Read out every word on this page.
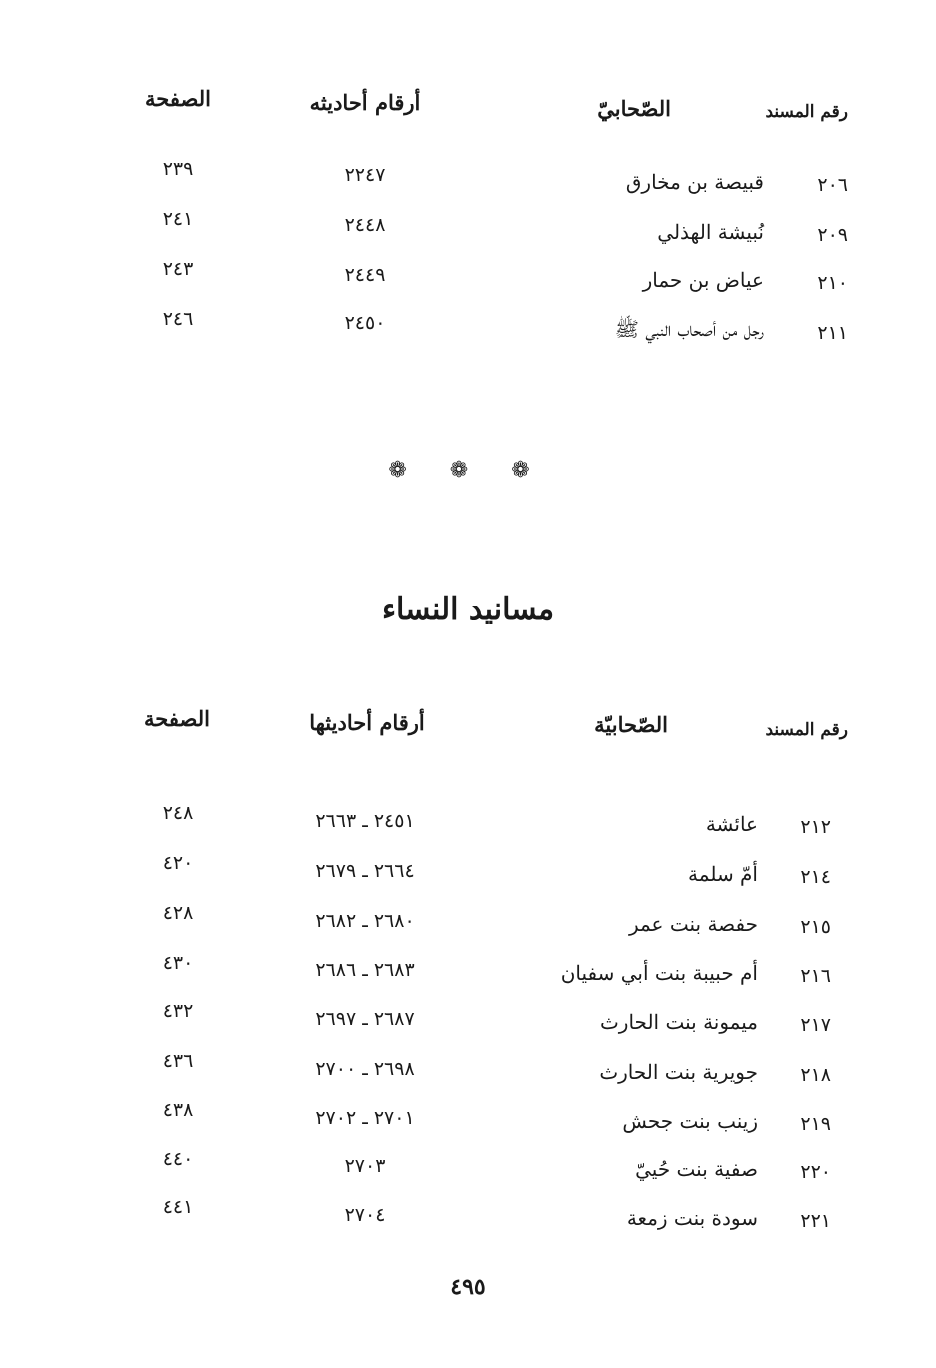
رقم المسند
الصّحابيّ
أرقام أحاديثه
الصفحة
٢٠٦
قبيصة بن مخارق
٢٢٤٧
٢٣٩
٢٠٩
نُبيشة الهذلي
٢٤٤٨
٢٤١
٢١٠
عياض بن حمار
٢٤٤٩
٢٤٣
٢١١
رجل من أصحاب النبي ﷺ
٢٤٥٠
٢٤٦
❁ ❁ ❁
مسانيد النساء
رقم المسند
الصّحابيّة
أرقام أحاديثها
الصفحة
٢١٢
عائشة
٢٤٥١ ـ ٢٦٦٣
٢٤٨
٢١٤
أمّ سلمة
٢٦٦٤ ـ ٢٦٧٩
٤٢٠
٢١٥
حفصة بنت عمر
٢٦٨٠ ـ ٢٦٨٢
٤٢٨
٢١٦
أم حبيبة بنت أبي سفيان
٢٦٨٣ ـ ٢٦٨٦
٤٣٠
٢١٧
ميمونة بنت الحارث
٢٦٨٧ ـ ٢٦٩٧
٤٣٢
٢١٨
جويرية بنت الحارث
٢٦٩٨ ـ ٢٧٠٠
٤٣٦
٢١٩
زينب بنت جحش
٢٧٠١ ـ ٢٧٠٢
٤٣٨
٢٢٠
صفية بنت حُييّ
٢٧٠٣
٤٤٠
٢٢١
سودة بنت زمعة
٢٧٠٤
٤٤١
٤٩٥
